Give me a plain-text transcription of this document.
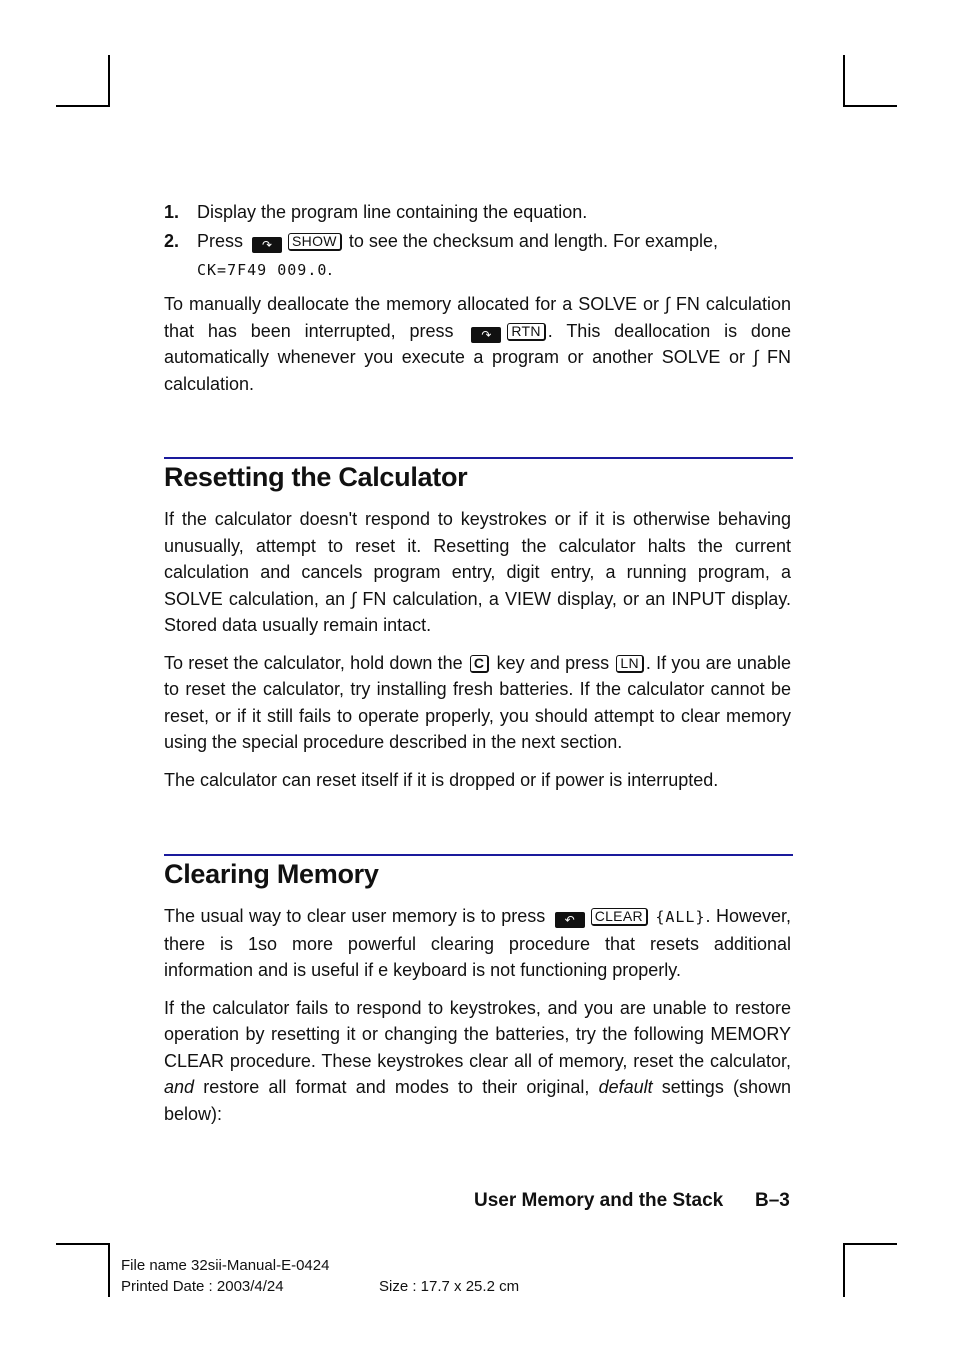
1. Display the program line containing the equation.
2. Press ↷ SHOW to see the checksum and length. For example,
CK=7F49 009.0.

To manually deallocate the memory allocated for a SOLVE or ∫ FN calculation that has been interrupted, press ↷ RTN . This deallocation is done automatically whenever you execute a program or another SOLVE or ∫ FN calculation.

Resetting the Calculator

If the calculator doesn't respond to keystrokes or if it is otherwise behaving unusually, attempt to reset it. Resetting the calculator halts the current calculation and cancels program entry, digit entry, a running program, a SOLVE calculation, an ∫ FN calculation, a VIEW display, or an INPUT display. Stored data usually remain intact.

To reset the calculator, hold down the C key and press LN . If you are unable to reset the calculator, try installing fresh batteries. If the calculator cannot be reset, or if it still fails to operate properly, you should attempt to clear memory using the special procedure described in the next section.

The calculator can reset itself if it is dropped or if power is interrupted.

Clearing Memory

The usual way to clear user memory is to press ↶ CLEAR {ALL}. However, there is 1so more powerful clearing procedure that resets additional information and is useful if e keyboard is not functioning properly.

If the calculator fails to respond to keystrokes, and you are unable to restore operation by resetting it or changing the batteries, try the following MEMORY CLEAR procedure. These keystrokes clear all of memory, reset the calculator, and restore all format and modes to their original, default settings (shown below):

User Memory and the Stack B–3
File name 32sii-Manual-E-0424
Printed Date : 2003/4/24	Size : 17.7 x 25.2 cm
